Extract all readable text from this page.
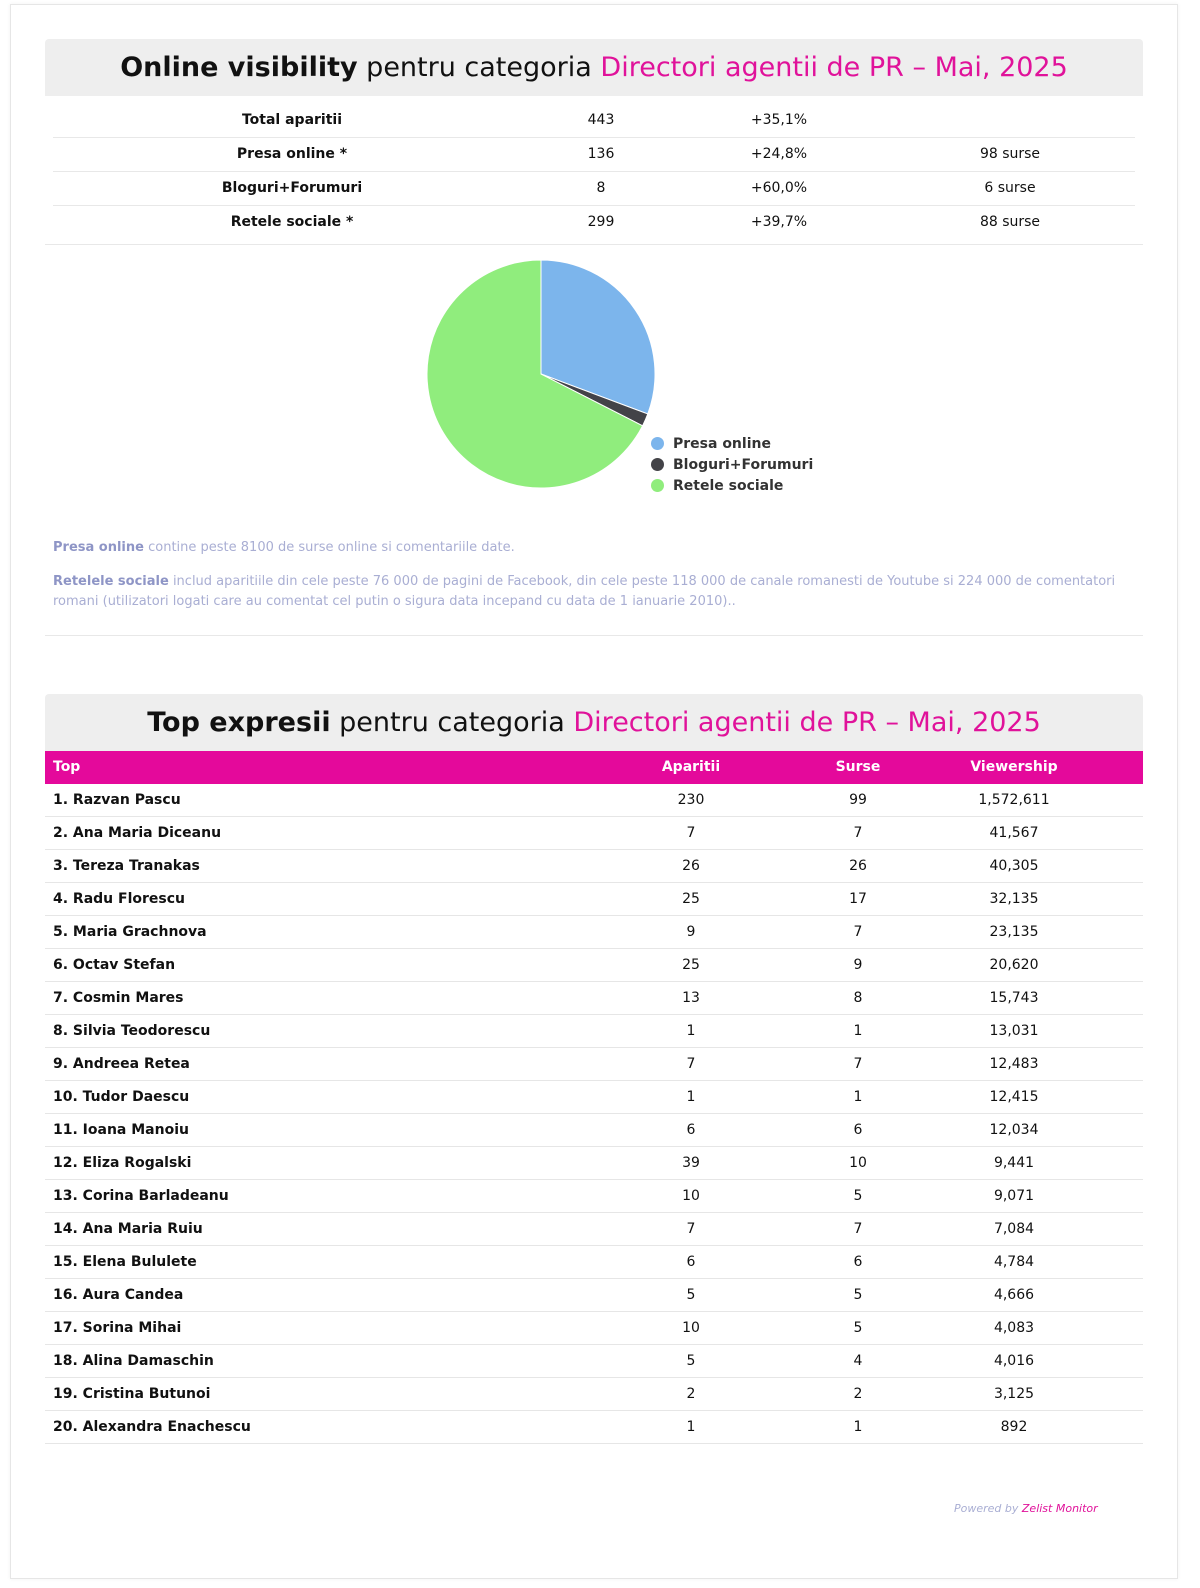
Online visibility pentru categoria Directori agentii de PR – Mai, 2025
Total aparitii	443	+35,1%
Presa online *	136	+24,8%	98 surse
Bloguri+Forumuri	8	+60,0%	6 surse
Retele sociale *	299	+39,7%	88 surse
Presa online
Bloguri+Forumuri
Retele sociale
Presa online contine peste 8100 de surse online si comentariile date.
Retelele sociale includ aparitiile din cele peste 76 000 de pagini de Facebook, din cele peste 118 000 de canale romanesti de Youtube si 224 000 de comentatori romani (utilizatori logati care au comentat cel putin o sigura data incepand cu data de 1 ianuarie 2010)..
Top expresii pentru categoria Directori agentii de PR – Mai, 2025
Top	Aparitii	Surse	Viewership
1. Razvan Pascu	230	99	1,572,611
2. Ana Maria Diceanu	7	7	41,567
3. Tereza Tranakas	26	26	40,305
4. Radu Florescu	25	17	32,135
5. Maria Grachnova	9	7	23,135
6. Octav Stefan	25	9	20,620
7. Cosmin Mares	13	8	15,743
8. Silvia Teodorescu	1	1	13,031
9. Andreea Retea	7	7	12,483
10. Tudor Daescu	1	1	12,415
11. Ioana Manoiu	6	6	12,034
12. Eliza Rogalski	39	10	9,441
13. Corina Barladeanu	10	5	9,071
14. Ana Maria Ruiu	7	7	7,084
15. Elena Bululete	6	6	4,784
16. Aura Candea	5	5	4,666
17. Sorina Mihai	10	5	4,083
18. Alina Damaschin	5	4	4,016
19. Cristina Butunoi	2	2	3,125
20. Alexandra Enachescu	1	1	892
Powered by Zelist Monitor
